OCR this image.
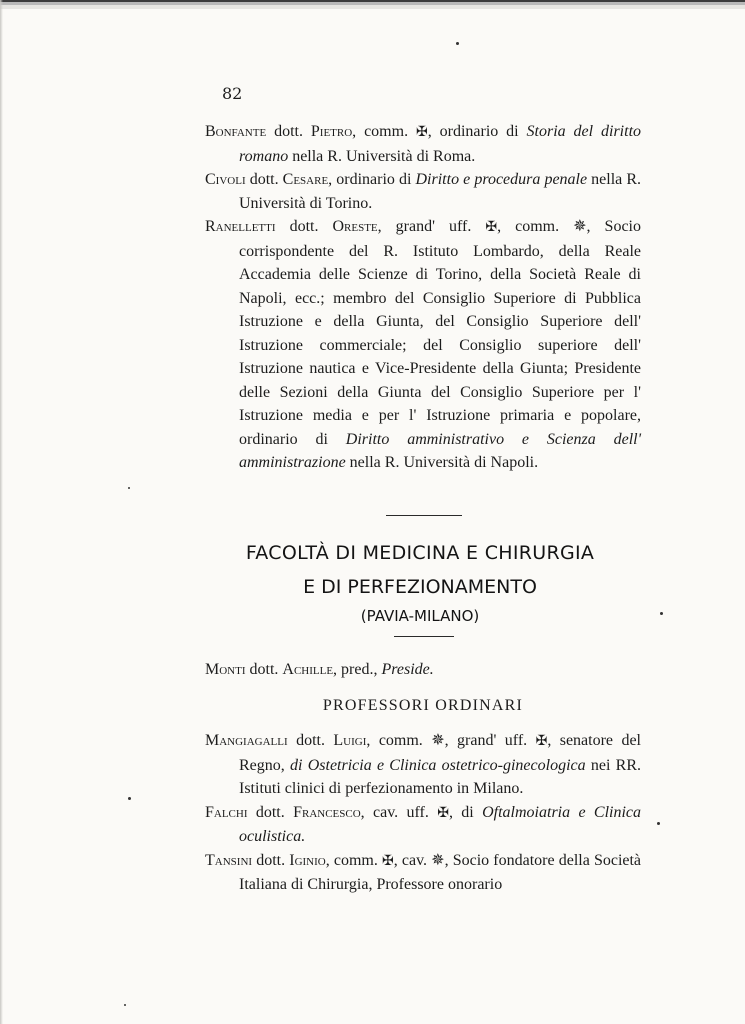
82

Bonfante dott. Pietro, comm. ✠, ordinario di Storia del diritto romano nella R. Università di Roma.

Civoli dott. Cesare, ordinario di Diritto e procedura penale nella R. Università di Torino.

Ranelletti dott. Oreste, grand' uff. ✠, comm. ✵, Socio corrispondente del R. Istituto Lombardo, della Reale Accademia delle Scienze di Torino, della Società Reale di Napoli, ecc.; membro del Consiglio Superiore di Pubblica Istruzione e della Giunta, del Consiglio Superiore dell' Istruzione commerciale; del Consiglio superiore dell' Istruzione nautica e Vice-Presidente della Giunta; Presidente delle Sezioni della Giunta del Consiglio Superiore per l' Istruzione media e per l' Istruzione primaria e popolare, ordinario di Diritto amministrativo e Scienza dell' amministrazione nella R. Università di Napoli.

FACOLTÀ DI MEDICINA E CHIRURGIA
E DI PERFEZIONAMENTO
(PAVIA-MILANO)

Monti dott. Achille, pred., Preside.

PROFESSORI ORDINARI

Mangiagalli dott. Luigi, comm. ✵, grand' uff. ✠, senatore del Regno, di Ostetricia e Clinica ostetrico-ginecologica nei RR. Istituti clinici di perfezionamento in Milano.

Falchi dott. Francesco, cav. uff. ✠, di Oftalmoiatria e Clinica oculistica.

Tansini dott. Iginio, comm. ✠, cav. ✵, Socio fondatore della Società Italiana di Chirurgia, Professore onorario
